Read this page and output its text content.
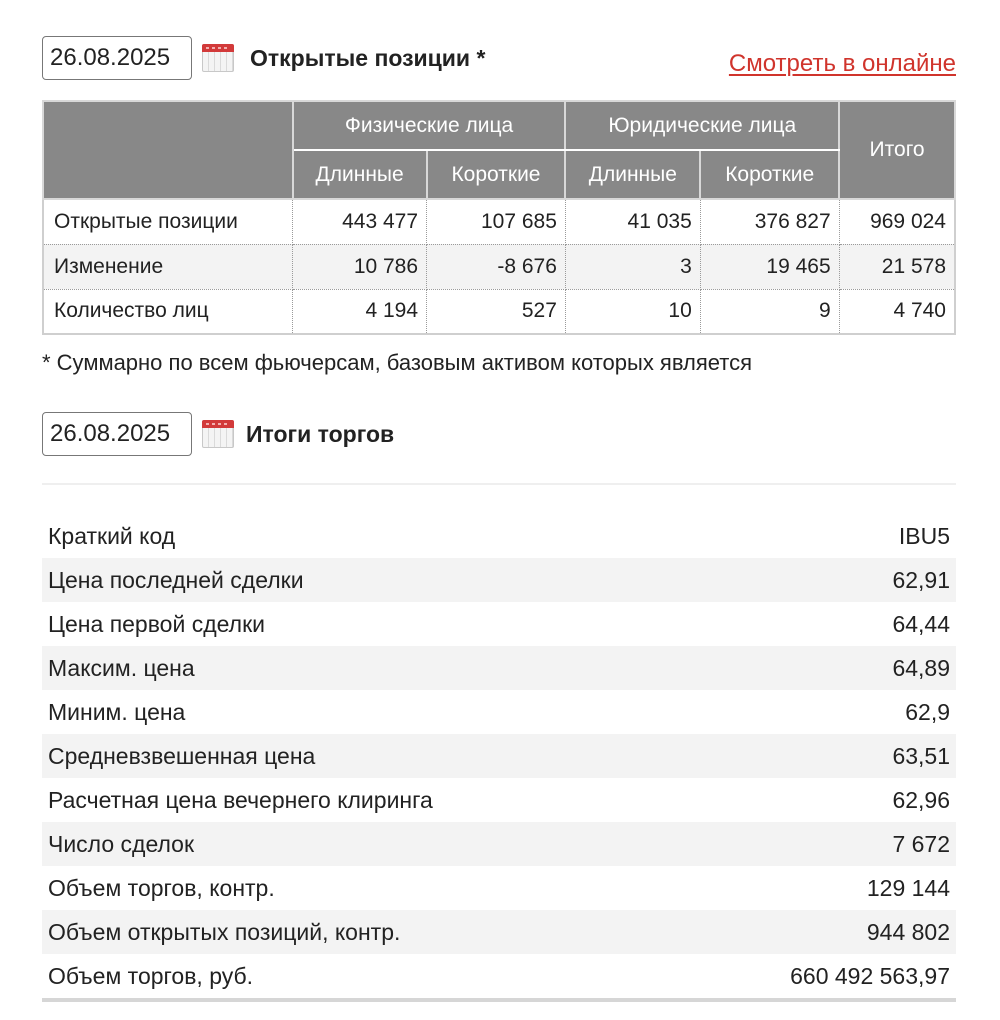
26.08.2025
Открытые позиции *	Смотреть в онлайне
	Физические лица		Юридические лица		Итого
	Длинные	Короткие	Длинные	Короткие	
Открытые позиции	443 477	107 685	41 035	376 827	969 024
Изменение	10 786	-8 676	3	19 465	21 578
Количество лиц	4 194	527	10	9	4 740
* Суммарно по всем фьючерсам, базовым активом которых является
26.08.2025
Итоги торгов
Краткий код	IBU5
Цена последней сделки	62,91
Цена первой сделки	64,44
Максим. цена	64,89
Миним. цена	62,9
Средневзвешенная цена	63,51
Расчетная цена вечернего клиринга	62,96
Число сделок	7 672
Объем торгов, контр.	129 144
Объем открытых позиций, контр.	944 802
Объем торгов, руб.	660 492 563,97
